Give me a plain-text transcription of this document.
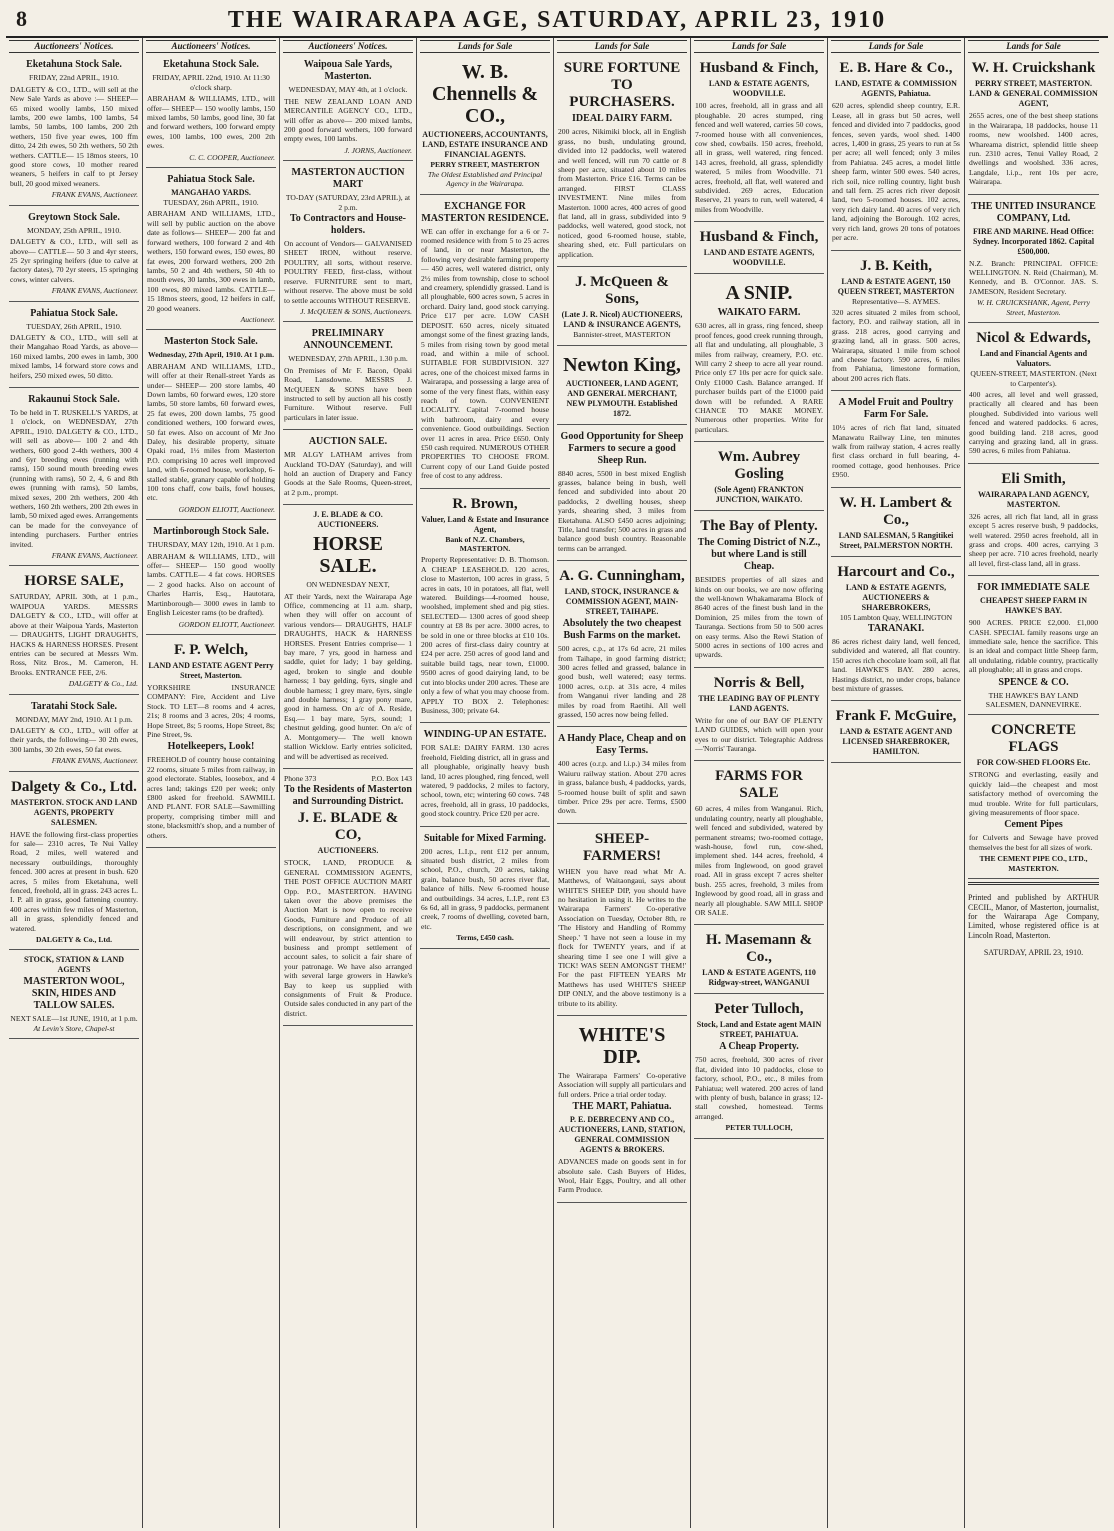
8	THE WAIRARAPA AGE, SATURDAY, APRIL 23, 1910
Auctioneers' Notices.
Eketahuna Stock Sale.
FRIDAY, 22nd APRIL, 1910.

DALGETY & CO., LTD., will sell at the New Sale Yards as above :— SHEEP— 65 mixed woolly lambs, 150 mixed lambs, 200 ewe lambs, 100 lambs, 54 lambs, 50 lambs, 100 lambs, 200 2th wethers, 150 five year ewes, 100 ffm ditto, 24 2th ewes, 50 2th wethers, 50 2th wethers. CATTLE— 15 18mos steers, 10 good store cows, 10 mother reared weaners, 5 heifers in calf to pt Jersey bull, 20 good mixed weaners.

FRANK EVANS, Auctioneer.
Greytown Stock Sale.
MONDAY, 25th APRIL, 1910.

DALGETY & CO., LTD., will sell as above— CATTLE— 50 3 and 4yr steers, 25 2yr springing heifers (due to calve at factory dates), 70 2yr steers, 15 springing cows, winter calvers.

FRANK EVANS, Auctioneer.
Pahiatua Stock Sale.
TUESDAY, 26th APRIL, 1910.

DALGETY & CO., LTD., will sell at their Mangahao Road Yards, as above— 160 mixed lambs, 200 ewes in lamb, 300 mixed lambs, 14 forward store cows and heifers, 250 mixed ewes, 50 ditto.

Rakaunui Stock Sale.

To be held in T. RUSKELL'S YARDS, at 1 o'clock, on WEDNESDAY, 27th APRIL, 1910. DALGETY & CO., LTD., will sell as above— 100 2 and 4th wethers, 600 good 2-4th wethers, 300 4 and 6yr breeding ewes (running with rams), 150 sound mouth breeding ewes (running with rams), 50 2, 4, 6 and 8th ewes (running with rams), 50 lambs, mixed sexes, 200 2th wethers, 200 4th wethers, 160 2th wethers, 200 2th ewes in lamb, 50 mixed aged ewes. Arrangements can be made for the conveyance of intending purchasers. Further entries invited.

FRANK EVANS, Auctioneer.
HORSE SALE,

SATURDAY, APRIL 30th, at 1 p.m., WAIPOUA YARDS. MESSRS DALGETY & CO., LTD., will offer at above at their Waipoua Yards, Masterton— DRAUGHTS, LIGHT DRAUGHTS, HACKS & HARNESS HORSES. Present entries can be secured at Messrs Wm. Ross, Nitz Bros., M. Cameron, H. Brooks. ENTRANCE FEE, 2/6.

DALGETY & Co., Ltd.
Taratahi Stock Sale.
MONDAY, MAY 2nd, 1910. At 1 p.m.

DALGETY & CO., LTD., will offer at their yards, the following— 30 2th ewes, 300 lambs, 30 2th ewes, 50 fat ewes.

FRANK EVANS, Auctioneer.
Dalgety & Co., Ltd.
MASTERTON. STOCK AND LAND AGENTS, PROPERTY SALESMEN.

HAVE the following first-class properties for sale— 2310 acres, Te Nui Valley Road, 2 miles, well watered and necessary outbuildings, thoroughly fenced. 300 acres at present in bush. 620 acres, 5 miles from Eketahuna, well fenced, freehold, all in grass. 243 acres L. I. P. all in grass, good fattening country. 400 acres within few miles of Masterton, all in grass, splendidly fenced and watered.

DALGETY & Co., Ltd.
STOCK, STATION & LAND AGENTS
MASTERTON WOOL, SKIN, HIDES AND TALLOW SALES.
NEXT SALE—1st JUNE, 1910, at 1 p.m.
At Levin's Store, Chapel-st
Auctioneers' Notices.
Eketahuna Stock Sale.
FRIDAY, APRIL 22nd, 1910. At 11:30 o'clock sharp.

ABRAHAM & WILLIAMS, LTD., will offer— SHEEP— 150 woolly lambs, 150 mixed lambs, 50 lambs, good line, 30 fat and forward wethers, 100 forward empty ewes, 100 lambs, 100 ewes, 200 2th ewes.

C. C. COOPER, Auctioneer.
Pahiatua Stock Sale.
MANGAHAO YARDS.
TUESDAY, 26th APRIL, 1910.

ABRAHAM AND WILLIAMS, LTD., will sell by public auction on the above date as follows— SHEEP— 200 fat and forward wethers, 100 forward 2 and 4th wethers, 150 forward ewes, 150 ewes, 80 fat ewes, 200 forward wethers, 200 2th lambs, 50 2 and 4th wethers, 50 4th to mouth ewes, 30 lambs, 300 ewes in lamb, 100 ewes, 80 mixed lambs. CATTLE— 15 18mos steers, good, 12 heifers in calf, 20 good weaners.

Auctioneer.
Masterton Stock Sale.
Wednesday, 27th April, 1910. At 1 p.m.

ABRAHAM AND WILLIAMS, LTD., will offer at their Renall-street Yards as under— SHEEP— 200 store lambs, 40 Down lambs, 60 forward ewes, 120 store lambs, 50 store lambs, 60 forward ewes, 25 fat ewes, 200 down lambs, 75 good conditioned wethers, 100 forward ewes, 50 fat ewes. Also on account of Mr Jno Daley, his desirable property, situate Opaki road, 1½ miles from Masterton P.O. comprising 10 acres well improved land, with 6-roomed house, workshop, 6-stalled stable, granary capable of holding 100 tons chaff, cow bails, fowl houses, etc.

GORDON ELIOTT, Auctioneer.
Martinborough Stock Sale.
THURSDAY, MAY 12th, 1910. At 1 p.m.

ABRAHAM & WILLIAMS, LTD., will offer— SHEEP— 150 good woolly lambs. CATTLE— 4 fat cows. HORSES— 2 good hacks. Also on account of Charles Harris, Esq., Hautotara, Martinborough— 3000 ewes in lamb to English Leicester rams (to be drafted).

GORDON ELIOTT, Auctioneer.
F. P. Welch,
LAND AND ESTATE AGENT Perry Street, Masterton.

YORKSHIRE INSURANCE COMPANY: Fire, Accident and Live Stock. TO LET—8 rooms and 4 acres, 21s; 8 rooms and 3 acres, 20s; 4 rooms, Hope Street, 8s; 5 rooms, Hope Street, 8s; Pine Street, 9s.

Hotelkeepers, Look!

FREEHOLD of country house containing 22 rooms, situate 5 miles from railway, in good electorate. Stables, loosebox, and 4 acres land; takings £20 per week; only £800 asked for freehold. SAWMILL AND PLANT. FOR SALE—Sawmilling property, comprising timber mill and stone, blacksmith's shop, and a number of others.

Auctioneers' Notices.
Waipoua Sale Yards, Masterton.
WEDNESDAY, MAY 4th, at 1 o'clock.

THE NEW ZEALAND LOAN AND MERCANTILE AGENCY CO., LTD., will offer as above— 200 mixed lambs, 200 good forward wethers, 100 forward empty ewes, 100 lambs.

J. JORNS, Auctioneer.
MASTERTON AUCTION MART
TO-DAY (SATURDAY, 23rd APRIL), at 2 p.m.
To Contractors and House-holders.

On account of Vendors— GALVANISED SHEET IRON, without reserve. POULTRY, all sorts, without reserve. POULTRY FEED, first-class, without reserve. FURNITURE sent to mart, without reserve. The above must be sold to settle accounts WITHOUT RESERVE.

J. McQUEEN & SONS, Auctioneers.
PRELIMINARY ANNOUNCEMENT.
WEDNESDAY, 27th APRIL, 1.30 p.m.

On Premises of Mr F. Bacon, Opaki Road, Lansdowne. MESSRS J. McQUEEN & SONS have been instructed to sell by auction all his costly Furniture. Without reserve. Full particulars in later issue.

AUCTION SALE.

MR ALGY LATHAM arrives from Auckland TO-DAY (Saturday), and will hold an auction of Drapery and Fancy Goods at the Sale Rooms, Queen-street, at 2 p.m., prompt.

J. E. BLADE & CO. AUCTIONEERS.
HORSE SALE.
ON WEDNESDAY NEXT,

AT their Yards, next the Wairarapa Age Office, commencing at 11 a.m. sharp, when they will offer on account of various vendors— DRAUGHTS, HALF DRAUGHTS, HACK & HARNESS HORSES. Present Entries comprise— 1 bay mare, 7 yrs, good in harness and saddle, quiet for lady; 1 bay gelding, aged, broken to single and double harness; 1 bay gelding, 6yrs, single and double harness; 1 grey mare, 6yrs, single and double harness; 1 gray pony mare, good in harness. On a/c of A. Reside, Esq.— 1 bay mare, 5yrs, sound; 1 chestnut gelding, good hunter. On a/c of A. Montgomery— The well known stallion Wicklow. Early entries solicited, and will be advertised as received.

Phone 373	P.O. Box 143
To the Residents of Masterton and Surrounding District.
J. E. BLADE & CO,
AUCTIONEERS.

STOCK, LAND, PRODUCE & GENERAL COMMISSION AGENTS, THE POST OFFICE AUCTION MART Opp. P.O., MASTERTON. HAVING taken over the above premises the Auction Mart is now open to receive Goods, Furniture and Produce of all descriptions, on consignment, and we will endeavour, by strict attention to business and prompt settlement of account sales, to solicit a fair share of your patronage. We have also arranged with several large growers in Hawke's Bay to keep us supplied with consignments of Fruit & Produce. Outside sales conducted in any part of the district.

Lands for Sale
W. B. Chennells & CO.,
AUCTIONEERS, ACCOUNTANTS, LAND, ESTATE INSURANCE AND FINANCIAL AGENTS.
PERRY STREET, MASTERTON
The Oldest Established and Principal Agency in the Wairarapa.
EXCHANGE FOR MASTERTON RESIDENCE.

WE can offer in exchange for a 6 or 7-roomed residence with from 5 to 25 acres of land, in or near Masterton, the following very desirable farming property— 450 acres, well watered district, only 2½ miles from township, close to school and creamery, splendidly grassed. Land is all ploughable, 600 acres sown, 5 acres in orchard. Dairy land, good stock carrying. Price £17 per acre. LOW CASH DEPOSIT. 650 acres, nicely situated amongst some of the finest grazing lands, 5 miles from rising town by good metal road, and within a mile of school. SUITABLE FOR SUBDIVISION. 327 acres, one of the choicest mixed farms in Wairarapa, and possessing a large area of some of the very finest flats, within easy reach of town. CONVENIENT LOCALITY. Capital 7-roomed house with bathroom, dairy and every convenience. Good outbuildings. Section over 11 acres in area. Price £650. Only £50 cash required. NUMEROUS OTHER PROPERTIES TO CHOOSE FROM. Current copy of our Land Guide posted free of cost to any address.

R. Brown,
Valuer, Land & Estate and Insurance Agent,
Bank of N.Z. Chambers, MASTERTON.

Property Representative: D. B. Thomson. A CHEAP LEASEHOLD. 120 acres, close to Masterton, 100 acres in grass, 5 acres in oats, 10 in potatoes, all flat, well watered. Buildings—4-roomed house, woolshed, implement shed and pig sties. SELECTED— 1300 acres of good sheep country at £8 8s per acre. 3000 acres, to be sold in one or three blocks at £10 10s. 200 acres of first-class dairy country at £24 per acre. 250 acres of good land and suitable build tags, near town, £1000. 9500 acres of good dairying land, to be cut into blocks under 200 acres. These are only a few of what you may choose from. APPLY TO BOX 2. Telephones: Business, 300; private 64.

WINDING-UP AN ESTATE.

FOR SALE: DAIRY FARM. 130 acres freehold, Fielding district, all in grass and all ploughable, originally heavy bush land, 10 acres ploughed, ring fenced, well watered, 9 paddocks, 2 miles to factory, school, town, etc; wintering 60 cows. 748 acres, freehold, all in grass, 10 paddocks, good stock country. Price £20 per acre.

Suitable for Mixed Farming.

200 acres, L.I.p., rent £12 per annum, situated bush district, 2 miles from school, P.O., church, 20 acres, taking grain, balance bush, 50 acres river flat, balance of hills. New 6-roomed house and outbuildings. 34 acres, L.I.P., rent £3 6s 6d, all in grass, 9 paddocks, permanent creek, 7 rooms of dwelling, coveted barn, etc.

Terms, £450 cash.
Lands for Sale
SURE FORTUNE TO PURCHASERS.
IDEAL DAIRY FARM.

200 acres, Nikimiki block, all in English grass, no bush, undulating ground, divided into 12 paddocks, well watered and well fenced, will run 70 cattle or 8 sheep per acre, situated about 10 miles from Masterton. Price £16. Terms can be arranged. FIRST CLASS INVESTMENT. Nine miles from Masterton. 1000 acres, 400 acres of good flat land, all in grass, subdivided into 9 paddocks, well watered, good stock, not noticed, good 6-roomed house, stable, shearing shed, etc. Full particulars on application.

J. McQueen & Sons,
(Late J. R. Nicol) AUCTIONEERS, LAND & INSURANCE AGENTS,
Bannister-street, MASTERTON
Newton King,
AUCTIONEER, LAND AGENT, AND GENERAL MERCHANT, NEW PLYMOUTH. Established 1872.
Good Opportunity for Sheep Farmers to secure a good Sheep Run.

8840 acres, 5500 in best mixed English grasses, balance being in bush, well fenced and subdivided into about 20 paddocks, 2 dwelling houses, sheep yards, shearing shed, 3 miles from Eketahuna. ALSO £450 acres adjoining; Title, land transfer; 500 acres in grass and balance good bush country. Reasonable terms can be arranged.

A. G. Cunningham,
LAND, STOCK, INSURANCE & COMMISSION AGENT, MAIN-STREET, TAIHAPE.
Absolutely the two cheapest Bush Farms on the market.

500 acres, c.p., at 17s 6d acre, 21 miles from Taihape, in good farming district; 300 acres felled and grassed, balance in good bush, well watered; easy terms. 1000 acres, o.r.p. at 31s acre, 4 miles from Wanganui river landing and 28 miles by road from Raetihi. All well grassed, 150 acres now being felled.

A Handy Place, Cheap and on Easy Terms.

400 acres (o.r.p. and l.i.p.) 34 miles from Waiuru railway station. About 270 acres in grass, balance bush, 4 paddocks, yards, 5-roomed house built of split and sawn timber. Price 29s per acre. Terms, £500 down.

SHEEP-FARMERS!

WHEN you have read what Mr A. Matthews, of Waitaongaui, says about WHITE'S SHEEP DIP, you should have no hesitation in using it. He writes to the Wairarapa Farmers' Co-operative Association on Tuesday, October 8th, re 'The History and Handling of Rommy Sheep.' 'I have not seen a louse in my flock for TWENTY years, and if at shearing time I see one I will give a TICK! WAS SEEN AMONGST THEM!' For the past FIFTEEN YEARS Mr Matthews has used WHITE'S SHEEP DIP ONLY, and the above testimony is a tribute to its ability.

WHITE'S DIP.

The Wairarapa Farmers' Co-operative Association will supply all particulars and full orders. Price a trial order today.

THE MART, Pahiatua.
P. E. DEBRECENY AND CO., AUCTIONEERS, LAND, STATION, GENERAL COMMISSION AGENTS & BROKERS.

ADVANCES made on goods sent in for absolute sale. Cash Buyers of Hides, Wool, Hair Eggs, Poultry, and all other Farm Produce.

Lands for Sale
Husband & Finch,
LAND & ESTATE AGENTS, WOODVILLE.

100 acres, freehold, all in grass and all ploughable. 20 acres stumped, ring fenced and well watered, carries 50 cows, 7-roomed house with all conveniences, cow shed, cowbails. 150 acres, freehold, all in grass, well watered, ring fenced. 143 acres, freehold, all grass, splendidly watered, 5 miles from Woodville. 71 acres, freehold, all flat, well watered and subdivided. 269 acres, Education Reserve, 21 years to run, well watered, 4 miles from Woodville.

Husband & Finch,
LAND AND ESTATE AGENTS, WOODVILLE.
A SNIP.
WAIKATO FARM.

630 acres, all in grass, ring fenced, sheep proof fences, good creek running through, all flat and undulating, all ploughable, 3 miles from railway, creamery, P.O. etc. Will carry 2 sheep to acre all year round. Price only £7 10s per acre for quick sale. Only £1000 Cash. Balance arranged. If purchaser builds part of the £1000 paid down will be refunded. A RARE CHANCE TO MAKE MONEY. Numerous other properties. Write for particulars.

Wm. Aubrey Gosling
(Sole Agent) FRANKTON JUNCTION, WAIKATO.
The Bay of Plenty.
The Coming District of N.Z., but where Land is still Cheap.

BESIDES properties of all sizes and kinds on our books, we are now offering the well-known Whakamarama Block of 8640 acres of the finest bush land in the Dominion, 25 miles from the town of Tauranga. Sections from 50 to 500 acres on easy terms. Also the Rewi Station of 5000 acres in sections of 100 acres and upwards.

Norris & Bell,
THE LEADING BAY OF PLENTY LAND AGENTS.

Write for one of our BAY OF PLENTY LAND GUIDES, which will open your eyes to our district. Telegraphic Address—'Norris' Tauranga.

FARMS FOR SALE

60 acres, 4 miles from Wanganui. Rich, undulating country, nearly all ploughable, well fenced and subdivided, watered by permanent streams; two-roomed cottage, wash-house, fowl run, cow-shed, implement shed. 144 acres, freehold, 4 miles from Inglewood, on good gravel road. All in grass except 7 acres shelter bush. 255 acres, freehold, 3 miles from Inglewood by good road, all in grass and nearly all ploughable. SAW MILL SHOP OR SALE.

H. Masemann & Co.,
LAND & ESTATE AGENTS, 110 Ridgway-street, WANGANUI
Peter Tulloch,
Stock, Land and Estate agent MAIN STREET, PAHIATUA.
A Cheap Property.

750 acres, freehold, 300 acres of river flat, divided into 10 paddocks, close to factory, school, P.O., etc., 8 miles from Pahiatua; well watered. 200 acres of land with plenty of bush, balance in grass; 12-stall cowshed, homestead. Terms arranged.

PETER TULLOCH,
Lands for Sale
E. B. Hare & Co.,
LAND, ESTATE & COMMISSION AGENTS, Pahiatua.

620 acres, splendid sheep country, E.R. Lease, all in grass but 50 acres, well fenced and divided into 7 paddocks, good fences, seven yards, wool shed. 1400 acres, 1,400 in grass, 25 years to run at 5s per acre; all well fenced; only 3 miles from Pahiatua. 245 acres, a model little sheep farm, winter 500 ewes. 540 acres, rich soil, nice rolling country, light bush and tall fern. 25 acres rich river deposit land, two 5-roomed houses. 102 acres, very rich dairy land. 40 acres of very rich land, adjoining the Borough. 102 acres, very rich land, grows 20 tons of potatoes per acre.

J. B. Keith,
LAND & ESTATE AGENT, 150 QUEEN STREET, MASTERTON
Representative—S. AYMES.

320 acres situated 2 miles from school, factory, P.O. and railway station, all in grass. 218 acres, good carrying and grazing land, all in grass. 500 acres, Wairarapa, situated 1 mile from school and cheese factory. 590 acres, 6 miles from Pahiatua, limestone formation, about 200 acres rich flats.

A Model Fruit and Poultry Farm For Sale.

10½ acres of rich flat land, situated Manawatu Railway Line, ten minutes walk from railway station, 4 acres really first class orchard in full bearing, 4-roomed cottage, good henhouses. Price £950.

W. H. Lambert & Co.,
LAND SALESMAN, 5 Rangitikei Street, PALMERSTON NORTH.
Harcourt and Co.,
LAND & ESTATE AGENTS, AUCTIONEERS & SHAREBROKERS,
105 Lambton Quay, WELLINGTON
TARANAKI.

86 acres richest dairy land, well fenced, subdivided and watered, all flat country. 150 acres rich chocolate loam soil, all flat land. HAWKE'S BAY. 280 acres, Hastings district, no under crops, balance best mixture of grasses.

Frank F. McGuire,
LAND & ESTATE AGENT AND LICENSED SHAREBROKER, HAMILTON.
Lands for Sale
W. H. Cruickshank
PERRY STREET, MASTERTON. LAND & GENERAL COMMISSION AGENT,

2655 acres, one of the best sheep stations in the Wairarapa, 18 paddocks, house 11 rooms, new woolshed. 1400 acres, Whareama district, splendid little sheep run. 2310 acres, Tenui Valley Road, 2 dwellings and woolshed. 336 acres, Langdale, l.i.p., rent 10s per acre, Wairarapa.

THE UNITED INSURANCE COMPANY, Ltd.
FIRE AND MARINE. Head Office: Sydney. Incorporated 1862. Capital £500,000.

N.Z. Branch: PRINCIPAL OFFICE: WELLINGTON. N. Reid (Chairman), M. Kennedy, and B. O'Connor. JAS. S. JAMESON, Resident Secretary.

W. H. CRUICKSHANK, Agent, Perry Street, Masterton.
Nicol & Edwards,
Land and Financial Agents and Valuators.
QUEEN-STREET, MASTERTON. (Next to Carpenter's).

400 acres, all level and well grassed, practically all cleared and has been ploughed. Subdivided into various well fenced and watered paddocks. 6 acres, good building land. 218 acres, good carrying and grazing land, all in grass. 590 acres, 6 miles from Pahiatua.

Eli Smith,
WAIRARAPA LAND AGENCY, MASTERTON.

326 acres, all rich flat land, all in grass except 5 acres reserve bush, 9 paddocks, well watered. 2950 acres freehold, all in grass and crops. 400 acres, carrying 3 sheep per acre. 710 acres freehold, nearly all level, first-class land, all in grass.

FOR IMMEDIATE SALE
CHEAPEST SHEEP FARM IN HAWKE'S BAY.

900 ACRES. PRICE £2,000. £1,000 CASH. SPECIAL family reasons urge an immediate sale, hence the sacrifice. This is an ideal and compact little Sheep farm, all undulating, ridable country, practically all ploughable; all in grass and crops.

SPENCE & CO.
THE HAWKE'S BAY LAND SALESMEN, DANNEVIRKE.
CONCRETE FLAGS
FOR COW-SHED FLOORS Etc.

STRONG and everlasting, easily and quickly laid—the cheapest and most satisfactory method of overcoming the mud trouble. Write for full particulars, giving measurements of floor space.

Cement Pipes

for Culverts and Sewage have proved themselves the best for all sizes of work.

THE CEMENT PIPE CO., LTD., MASTERTON.

Printed and published by ARTHUR CECIL, Manor, of Masterton, journalist, for the Wairarapa Age Company, Limited, whose registered office is at Lincoln Road, Masterton.

SATURDAY, APRIL 23, 1910.
